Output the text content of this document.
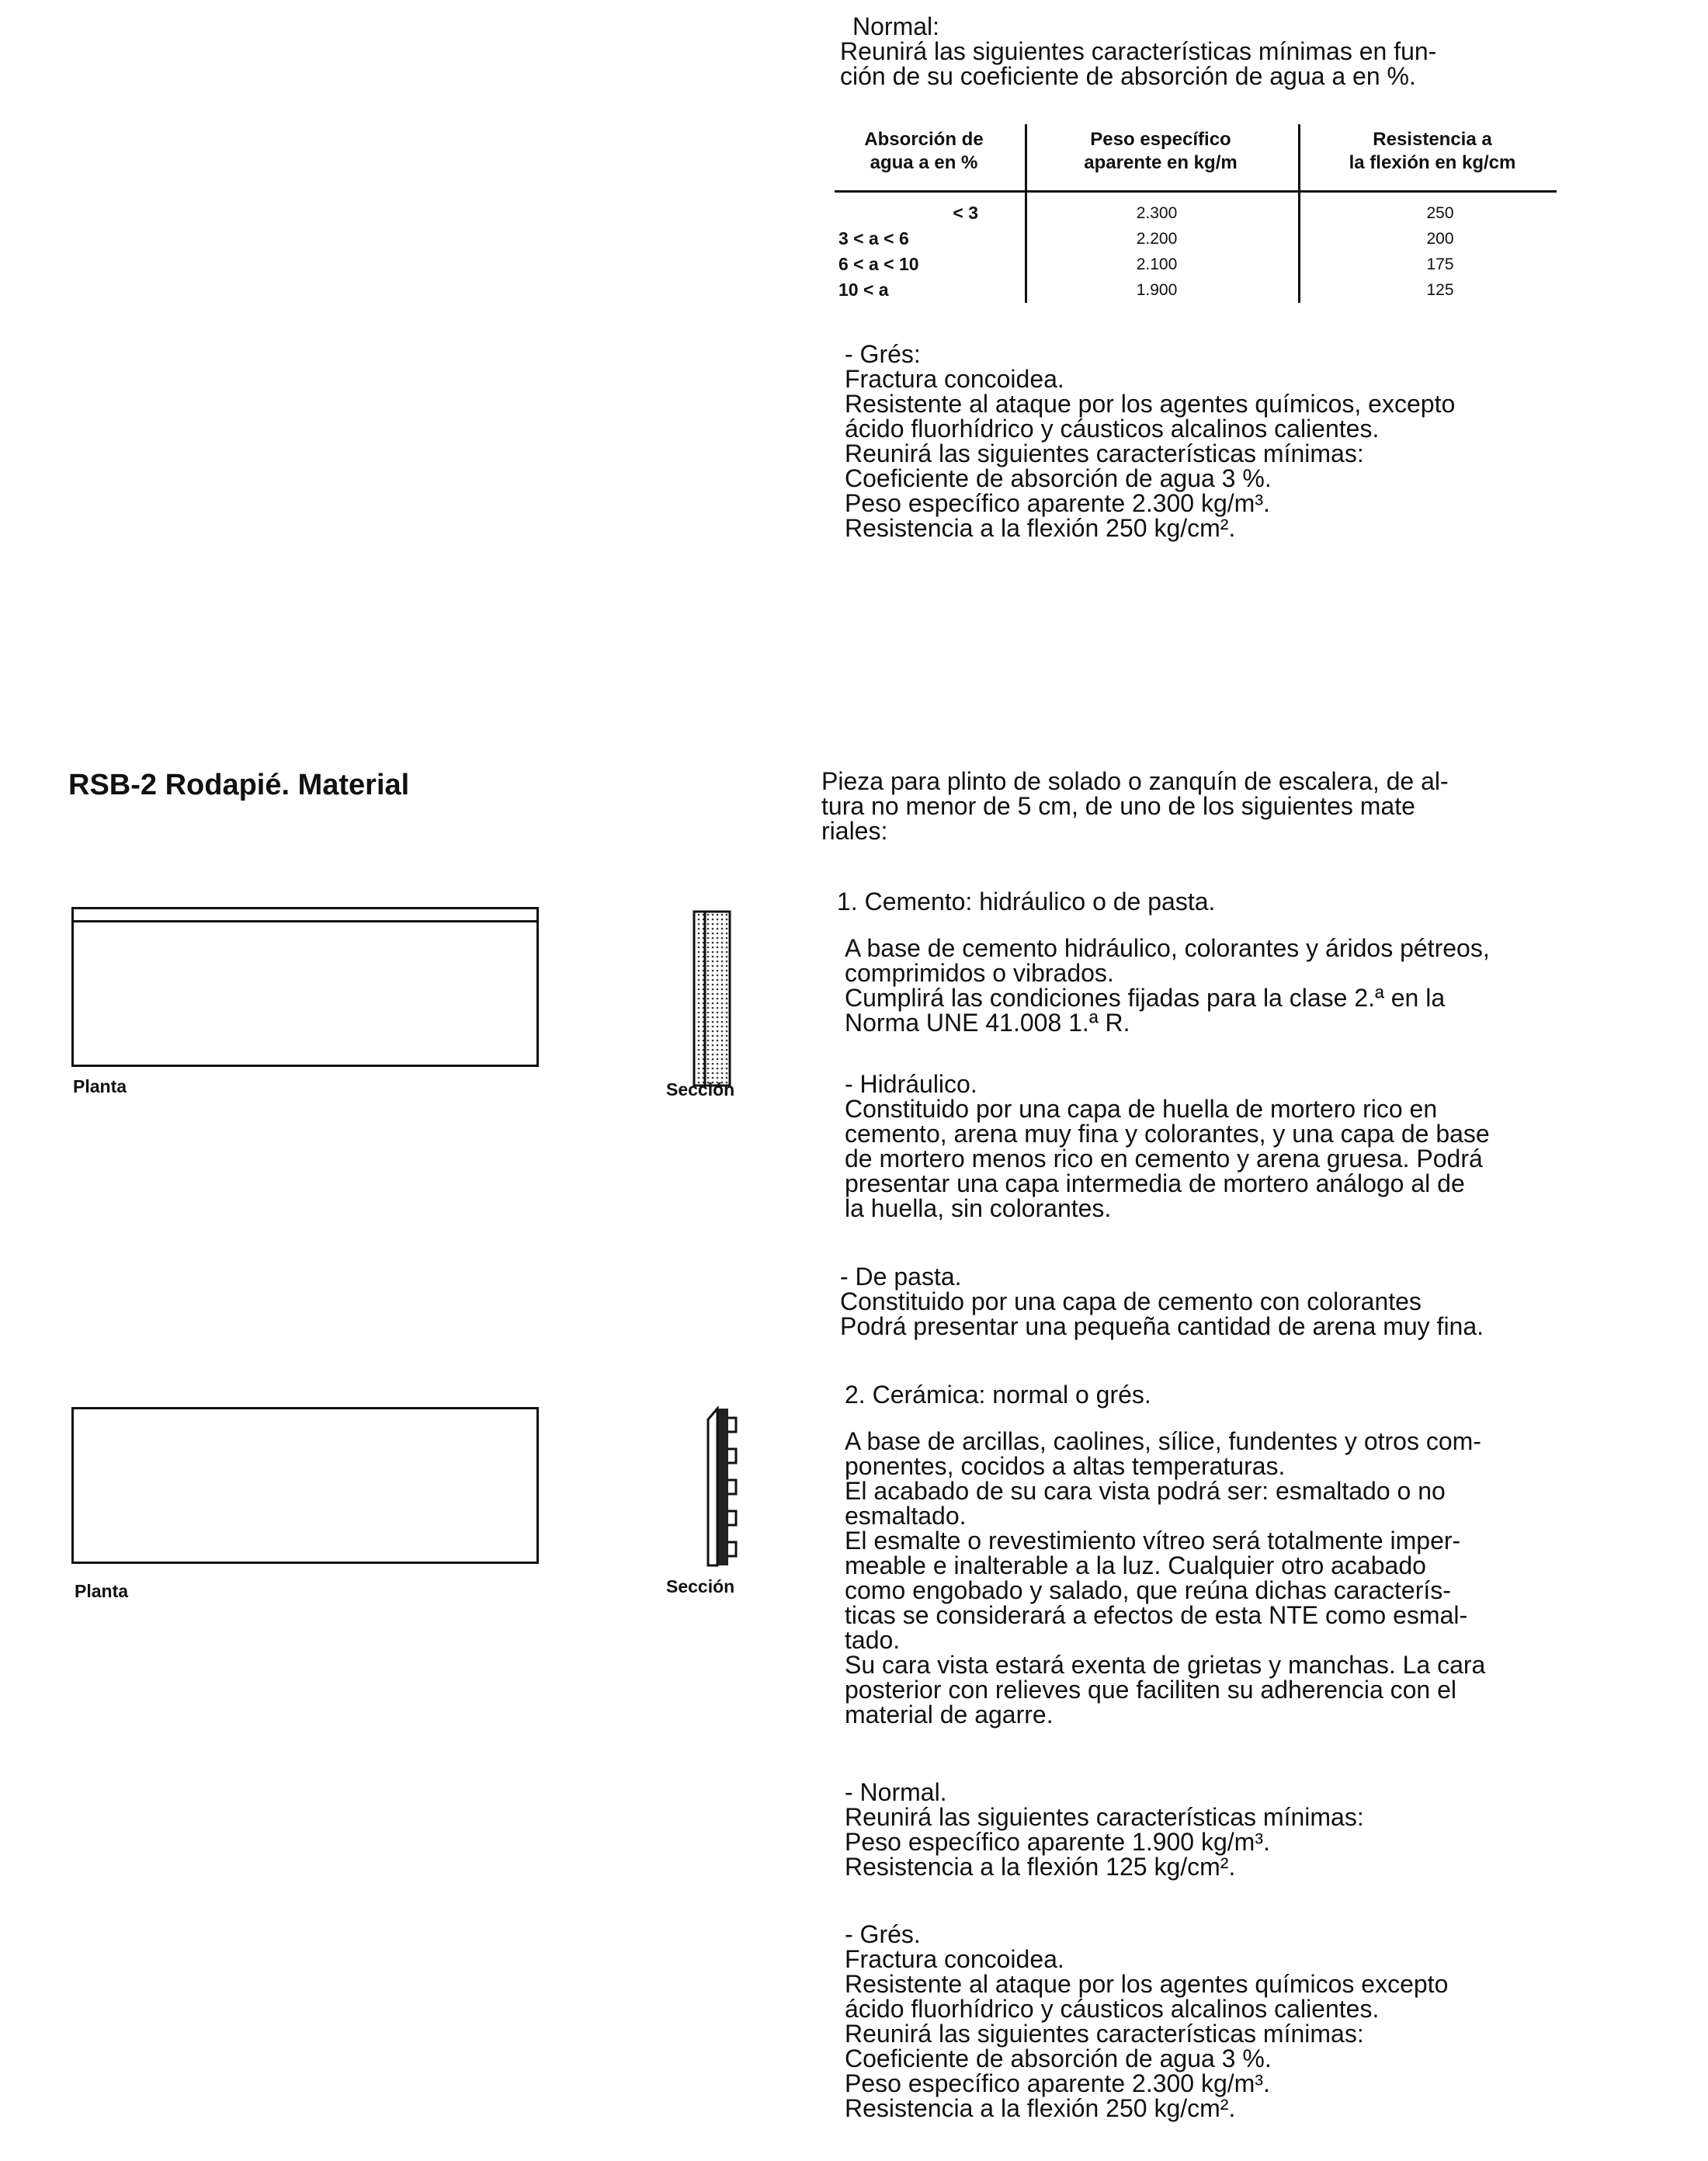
Normal:

Reunirá las siguientes características mínimas en fun-

ción de su coeficiente de absorción de agua a en %.

Absorción de
agua a en %
Peso específico
aparente en kg/m
Resistencia a
la flexión en kg/cm
< 3
3 < a < 6
6 < a < 10
10 < a
2.300
2.200
2.100
1.900
250
200
175
125

- Grés:

Fractura concoidea.

Resistente al ataque por los agentes químicos, excepto

ácido fluorhídrico y cáusticos alcalinos calientes.

Reunirá las siguientes características mínimas:

Coeficiente de absorción de agua 3 %.

Peso específico aparente 2.300 kg/m³.

Resistencia a la flexión 250 kg/cm².

RSB-2 Rodapié. Material
Planta	Sección
Planta	Sección

Pieza para plinto de solado o zanquín de escalera, de al-

tura no menor de 5 cm, de uno de los siguientes mate

riales:

1. Cemento: hidráulico o de pasta.

A base de cemento hidráulico, colorantes y áridos pétreos,

comprimidos o vibrados.

Cumplirá las condiciones fijadas para la clase 2.ª en la

Norma UNE 41.008 1.ª R.

- Hidráulico.

Constituido por una capa de huella de mortero rico en

cemento, arena muy fina y colorantes, y una capa de base

de mortero menos rico en cemento y arena gruesa. Podrá

presentar una capa intermedia de mortero análogo al de

la huella, sin colorantes.

- De pasta.

Constituido por una capa de cemento con colorantes

Podrá presentar una pequeña cantidad de arena muy fina.

2. Cerámica: normal o grés.

A base de arcillas, caolines, sílice, fundentes y otros com-

ponentes, cocidos a altas temperaturas.

El acabado de su cara vista podrá ser: esmaltado o no

esmaltado.

El esmalte o revestimiento vítreo será totalmente imper-

meable e inalterable a la luz. Cualquier otro acabado

como engobado y salado, que reúna dichas caracterís-

ticas se considerará a efectos de esta NTE como esmal-

tado.

Su cara vista estará exenta de grietas y manchas. La cara

posterior con relieves que faciliten su adherencia con el

material de agarre.

- Normal.

Reunirá las siguientes características mínimas:

Peso específico aparente 1.900 kg/m³.

Resistencia a la flexión 125 kg/cm².

- Grés.

Fractura concoidea.

Resistente al ataque por los agentes químicos excepto

ácido fluorhídrico y cáusticos alcalinos calientes.

Reunirá las siguientes características mínimas:

Coeficiente de absorción de agua 3 %.

Peso específico aparente 2.300 kg/m³.

Resistencia a la flexión 250 kg/cm².
